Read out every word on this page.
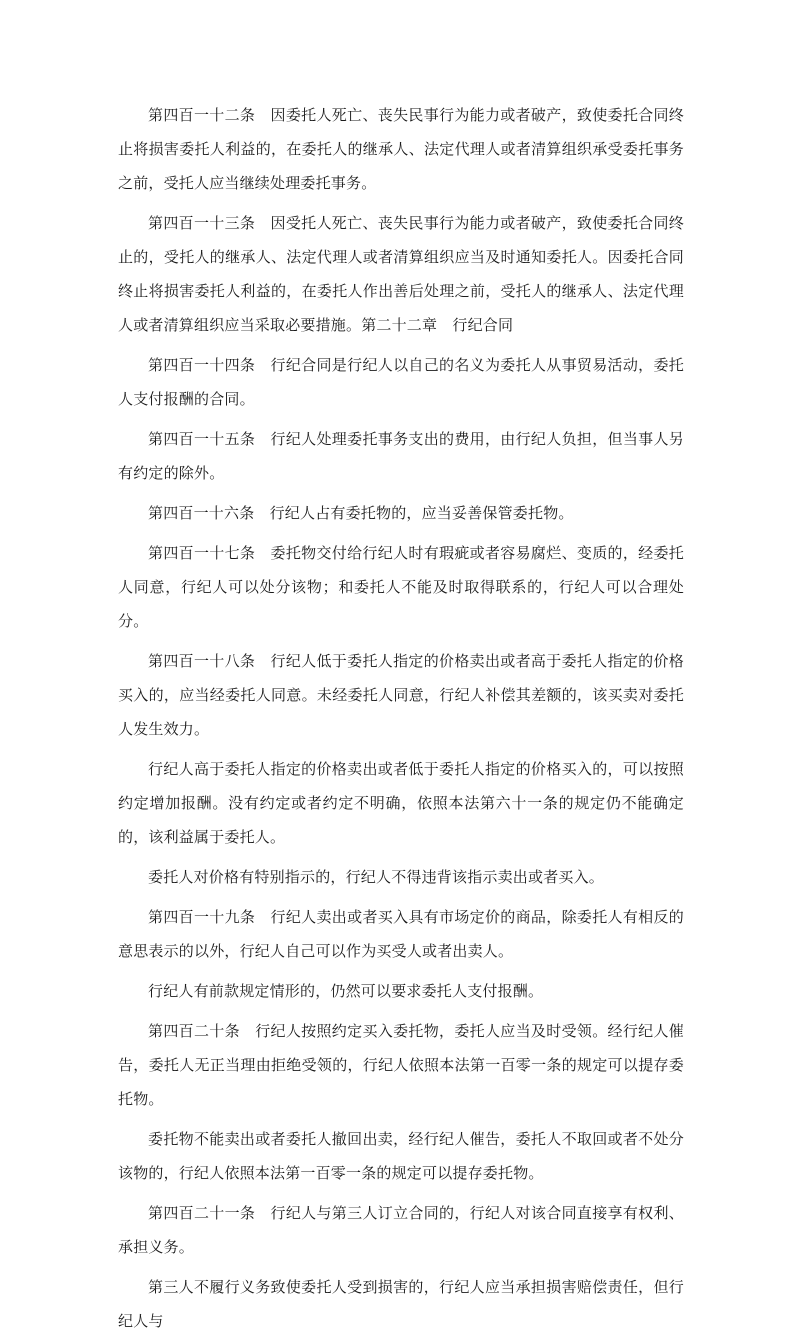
第四百一十二条　因委托人死亡、丧失民事行为能力或者破产，致使委托合同终止将损害委托人利益的，在委托人的继承人、法定代理人或者清算组织承受委托事务之前，受托人应当继续处理委托事务。

第四百一十三条　因受托人死亡、丧失民事行为能力或者破产，致使委托合同终止的，受托人的继承人、法定代理人或者清算组织应当及时通知委托人。因委托合同终止将损害委托人利益的，在委托人作出善后处理之前，受托人的继承人、法定代理人或者清算组织应当采取必要措施。第二十二章　行纪合同

第四百一十四条　行纪合同是行纪人以自己的名义为委托人从事贸易活动，委托人支付报酬的合同。

第四百一十五条　行纪人处理委托事务支出的费用，由行纪人负担，但当事人另有约定的除外。

第四百一十六条　行纪人占有委托物的，应当妥善保管委托物。

第四百一十七条　委托物交付给行纪人时有瑕疵或者容易腐烂、变质的，经委托人同意，行纪人可以处分该物；和委托人不能及时取得联系的，行纪人可以合理处分。

第四百一十八条　行纪人低于委托人指定的价格卖出或者高于委托人指定的价格买入的，应当经委托人同意。未经委托人同意，行纪人补偿其差额的，该买卖对委托人发生效力。

行纪人高于委托人指定的价格卖出或者低于委托人指定的价格买入的，可以按照约定增加报酬。没有约定或者约定不明确，依照本法第六十一条的规定仍不能确定的，该利益属于委托人。

委托人对价格有特别指示的，行纪人不得违背该指示卖出或者买入。

第四百一十九条　行纪人卖出或者买入具有市场定价的商品，除委托人有相反的意思表示的以外，行纪人自己可以作为买受人或者出卖人。

行纪人有前款规定情形的，仍然可以要求委托人支付报酬。

第四百二十条　行纪人按照约定买入委托物，委托人应当及时受领。经行纪人催告，委托人无正当理由拒绝受领的，行纪人依照本法第一百零一条的规定可以提存委托物。

委托物不能卖出或者委托人撤回出卖，经行纪人催告，委托人不取回或者不处分该物的，行纪人依照本法第一百零一条的规定可以提存委托物。

第四百二十一条　行纪人与第三人订立合同的，行纪人对该合同直接享有权利、承担义务。

第三人不履行义务致使委托人受到损害的，行纪人应当承担损害赔偿责任，但行纪人与
